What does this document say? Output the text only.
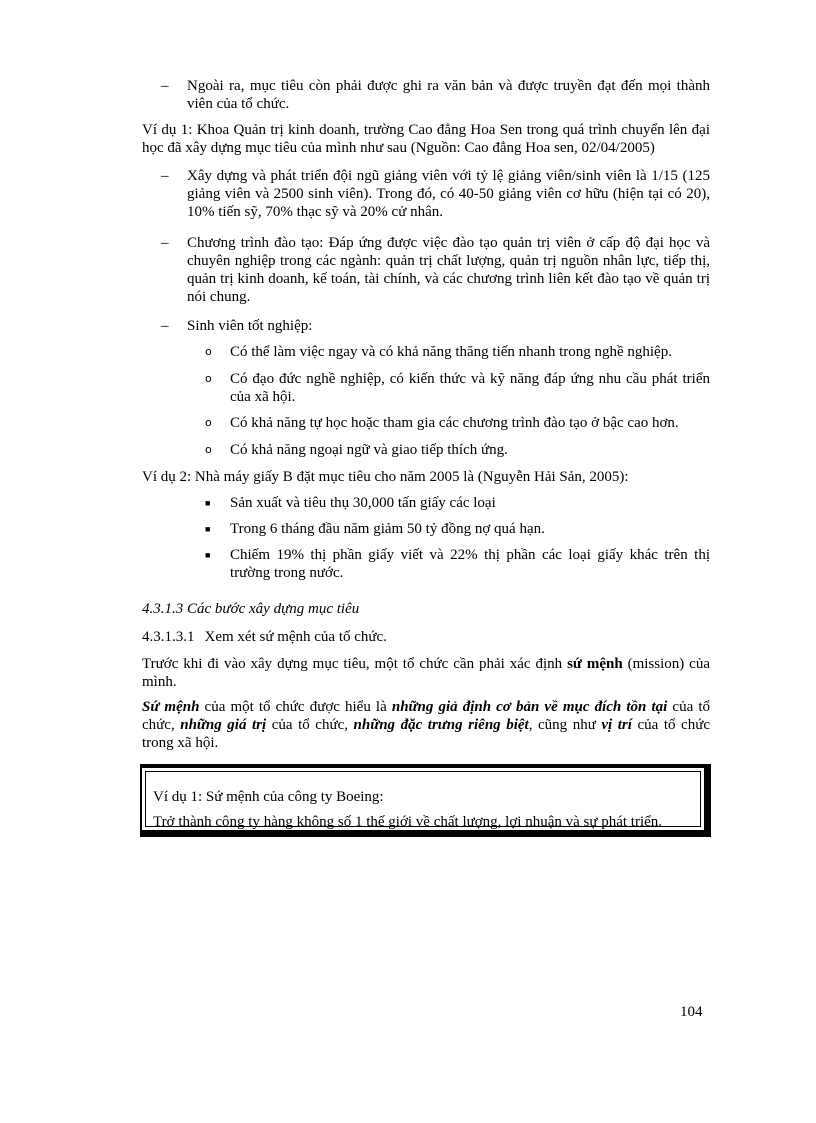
– Ngoài ra, mục tiêu còn phải được ghi ra văn bản và được truyền đạt đến mọi thành viên của tổ chức.

Ví dụ 1: Khoa Quản trị kinh doanh, trường Cao đẳng Hoa Sen trong quá trình chuyển lên đại học đã xây dựng mục tiêu của mình như sau (Nguồn: Cao đẳng Hoa sen, 02/04/2005)

– Xây dựng và phát triển đội ngũ giảng viên với tỷ lệ giảng viên/sinh viên là 1/15 (125 giảng viên và 2500 sinh viên). Trong đó, có 40-50 giảng viên cơ hữu (hiện tại có 20), 10% tiến sỹ, 70% thạc sỹ và 20% cử nhân.
– Chương trình đào tạo: Đáp ứng được việc đào tạo quản trị viên ở cấp độ đại học và chuyên nghiệp trong các ngành: quản trị chất lượng, quản trị nguồn nhân lực, tiếp thị, quản trị kinh doanh, kế toán, tài chính, và các chương trình liên kết đào tạo về quản trị nói chung.
– Sinh viên tốt nghiệp:
o Có thể làm việc ngay và có khả năng thăng tiến nhanh trong nghề nghiệp.
o Có đạo đức nghề nghiệp, có kiến thức và kỹ năng đáp ứng nhu cầu phát triển của xã hội.
o Có khả năng tự học hoặc tham gia các chương trình đào tạo ở bậc cao hơn.
o Có khả năng ngoại ngữ và giao tiếp thích ứng.

Ví dụ 2: Nhà máy giấy B đặt mục tiêu cho năm 2005 là (Nguyễn Hải Sản, 2005):

■ Sản xuất và tiêu thụ 30,000 tấn giấy các loại
■ Trong 6 tháng đầu năm giảm 50 tỷ đồng nợ quá hạn.
■ Chiếm 19% thị phần giấy viết và 22% thị phần các loại giấy khác trên thị trường trong nước.

4.3.1.3 Các bước xây dựng mục tiêu

4.3.1.3.1 Xem xét sứ mệnh của tổ chức.

Trước khi đi vào xây dựng mục tiêu, một tổ chức cần phải xác định sứ mệnh (mission) của mình.

Sứ mệnh của một tổ chức được hiểu là những giả định cơ bản về mục đích tồn tại của tổ chức, những giá trị của tổ chức, những đặc trưng riêng biệt, cũng như vị trí của tổ chức trong xã hội.

Ví dụ 1: Sứ mệnh của công ty Boeing:

Trở thành công ty hàng không số 1 thế giới về chất lượng, lợi nhuận và sự phát triển.

104
